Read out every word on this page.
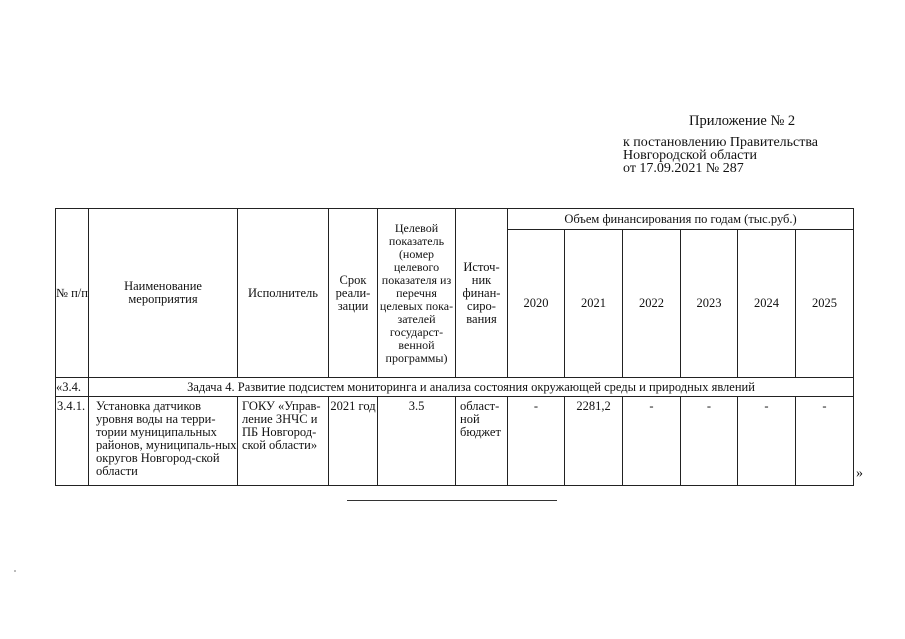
Приложение № 2
к постановлению Правительства
Новгородской области
от 17.09.2021 № 287
№ п/п	Наименование мероприятия	Исполнитель	Срок реали-зации	Целевой показатель (номер целевого показателя из перечня целевых пока-зателей государст-венной программы)	Источ-ник финан-сиро-вания	Объем финансирования по годам (тыс.руб.)					
						2020	2021	2022	2023	2024	2025
«3.4.	Задача 4. Развитие подсистем мониторинга и анализа состояния окружающей среды и природных явлений										
3.4.1.	Установка датчиков уровня воды на терри-тории муниципальных районов, муниципаль-ных округов Новгород-ской области	ГОКУ «Управ-ление ЗНЧС и ПБ Новгород-ской области»	2021 год	3.5	област-ной бюджет	-	2281,2	-	-	-	-
»
